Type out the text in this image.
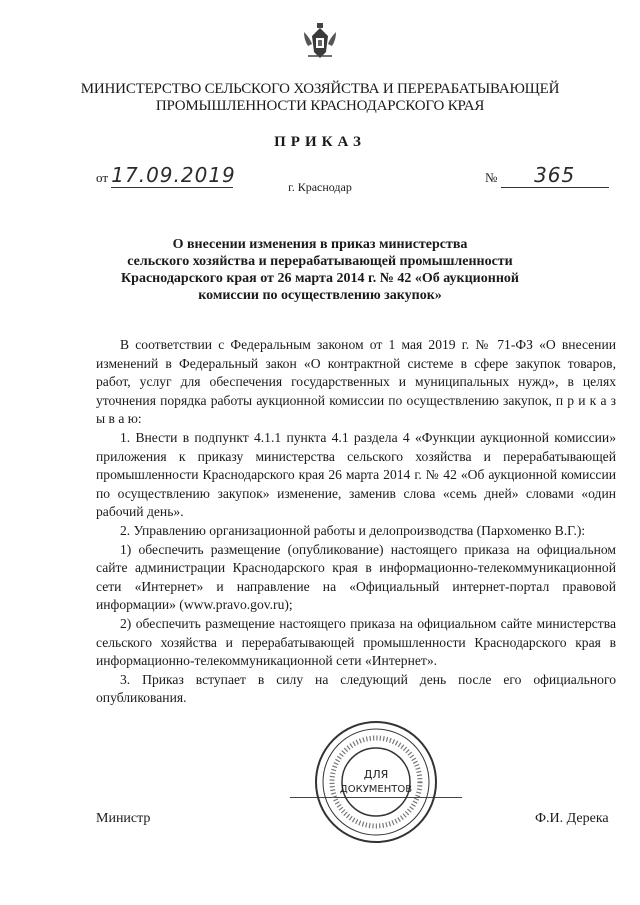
МИНИСТЕРСТВО СЕЛЬСКОГО ХОЗЯЙСТВА И ПЕРЕРАБАТЫВАЮЩЕЙ
ПРОМЫШЛЕННОСТИ КРАСНОДАРСКОГО КРАЯ
ПРИКАЗ
от 17.09.2019	№ 365
г. Краснодар
О внесении изменения в приказ министерства
сельского хозяйства и перерабатывающей промышленности
Краснодарского края от 26 марта 2014 г. № 42 «Об аукционной
комиссии по осуществлению закупок»

В соответствии с Федеральным законом от 1 мая 2019 г. № 71-ФЗ «О внесении изменений в Федеральный закон «О контрактной системе в сфере закупок товаров, работ, услуг для обеспечения государственных и муниципальных нужд», в целях уточнения порядка работы аукционной комиссии по осуществлению закупок, п р и к а з ы в а ю:

1. Внести в подпункт 4.1.1 пункта 4.1 раздела 4 «Функции аукционной комиссии» приложения к приказу министерства сельского хозяйства и перерабатывающей промышленности Краснодарского края 26 марта 2014 г. № 42 «Об аукционной комиссии по осуществлению закупок» изменение, заменив слова «семь дней» словами «один рабочий день».

2. Управлению организационной работы и делопроизводства (Пархоменко В.Г.):

1) обеспечить размещение (опубликование) настоящего приказа на официальном сайте администрации Краснодарского края в информационно-телекоммуникационной сети «Интернет» и направление на «Официальный интернет-портал правовой информации» (www.pravo.gov.ru);

2) обеспечить размещение настоящего приказа на официальном сайте министерства сельского хозяйства и перерабатывающей промышленности Краснодарского края в информационно-телекоммуникационной сети «Интернет».

3. Приказ вступает в силу на следующий день после его официального опубликования.

Министр	Ф.И. Дерека
ДЛЯ
ДОКУМЕНТОВ
